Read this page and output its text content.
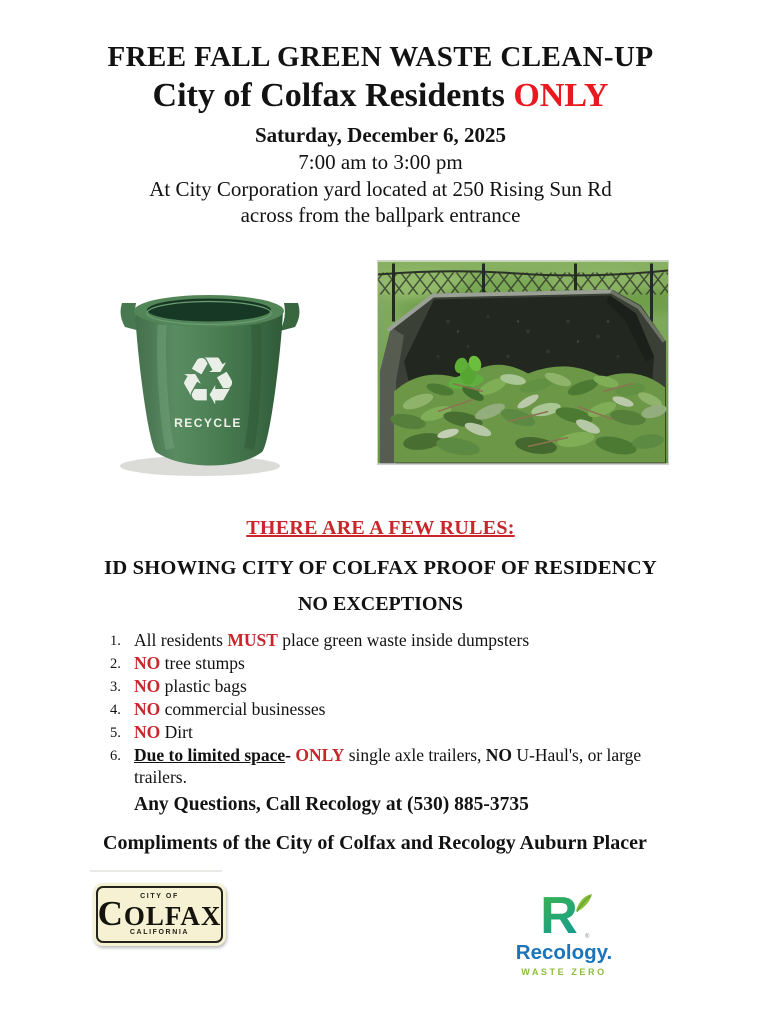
FREE FALL GREEN WASTE CLEAN-UP
City of Colfax Residents ONLY

Saturday, December 6, 2025

7:00 am to 3:00 pm

At City Corporation yard located at 250 Rising Sun Rd

across from the ballpark entrance

♻
RECYCLE
THERE ARE A FEW RULES:
ID SHOWING CITY OF COLFAX PROOF OF RESIDENCY
NO EXCEPTIONS
1. All residents MUST place green waste inside dumpsters
2. NO tree stumps
3. NO plastic bags
4. NO commercial businesses
5. NO Dirt
6. Due to limited space- ONLY single axle trailers, NO U-Haul's, or large trailers.

Any Questions, Call Recology at (530) 885-3735

Compliments of the City of Colfax and Recology Auburn Placer

CITY OF
COLFAX
CALIFORNIA	R ®
Recology.
WASTE ZERO
